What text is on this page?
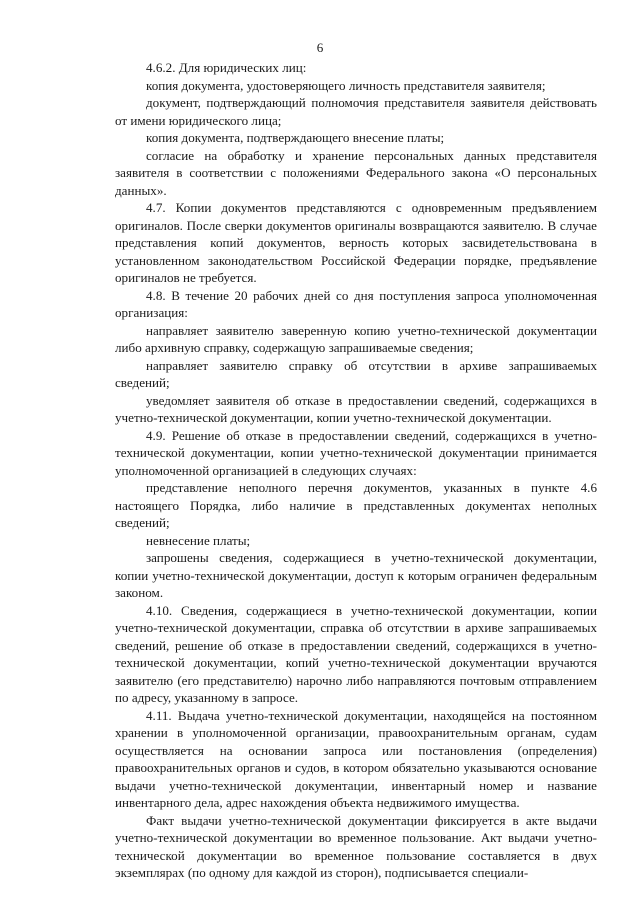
6

4.6.2. Для юридических лиц:

копия документа, удостоверяющего личность представителя заявителя;

документ, подтверждающий полномочия представителя заявителя действовать от имени юридического лица;

копия документа, подтверждающего внесение платы;

согласие на обработку и хранение персональных данных представителя заявителя в соответствии с положениями Федерального закона «О персональных данных».

4.7. Копии документов представляются с одновременным предъявлением оригиналов. После сверки документов оригиналы возвращаются заявителю. В случае представления копий документов, верность которых засвидетельствована в установленном законодательством Российской Федерации порядке, предъявление оригиналов не требуется.

4.8. В течение 20 рабочих дней со дня поступления запроса уполномоченная организация:

направляет заявителю заверенную копию учетно-технической документации либо архивную справку, содержащую запрашиваемые сведения;

направляет заявителю справку об отсутствии в архиве запрашиваемых сведений;

уведомляет заявителя об отказе в предоставлении сведений, содержащихся в учетно-технической документации, копии учетно-технической документации.

4.9. Решение об отказе в предоставлении сведений, содержащихся в учетно-технической документации, копии учетно-технической документации принимается уполномоченной организацией в следующих случаях:

представление неполного перечня документов, указанных в пункте 4.6 настоящего Порядка, либо наличие в представленных документах неполных сведений;

невнесение платы;

запрошены сведения, содержащиеся в учетно-технической документации, копии учетно-технической документации, доступ к которым ограничен федеральным законом.

4.10. Сведения, содержащиеся в учетно-технической документации, копии учетно-технической документации, справка об отсутствии в архиве запрашиваемых сведений, решение об отказе в предоставлении сведений, содержащихся в учетно-технической документации, копий учетно-технической документации вручаются заявителю (его представителю) нарочно либо направляются почтовым отправлением по адресу, указанному в запросе.

4.11. Выдача учетно-технической документации, находящейся на постоянном хранении в уполномоченной организации, правоохранительным органам, судам осуществляется на основании запроса или постановления (определения) правоохранительных органов и судов, в котором обязательно указываются основание выдачи учетно-технической документации, инвентарный номер и название инвентарного дела, адрес нахождения объекта недвижимого имущества.

Факт выдачи учетно-технической документации фиксируется в акте выдачи учетно-технической документации во временное пользование. Акт выдачи учетно-технической документации во временное пользование составляется в двух экземплярах (по одному для каждой из сторон), подписывается специали-
